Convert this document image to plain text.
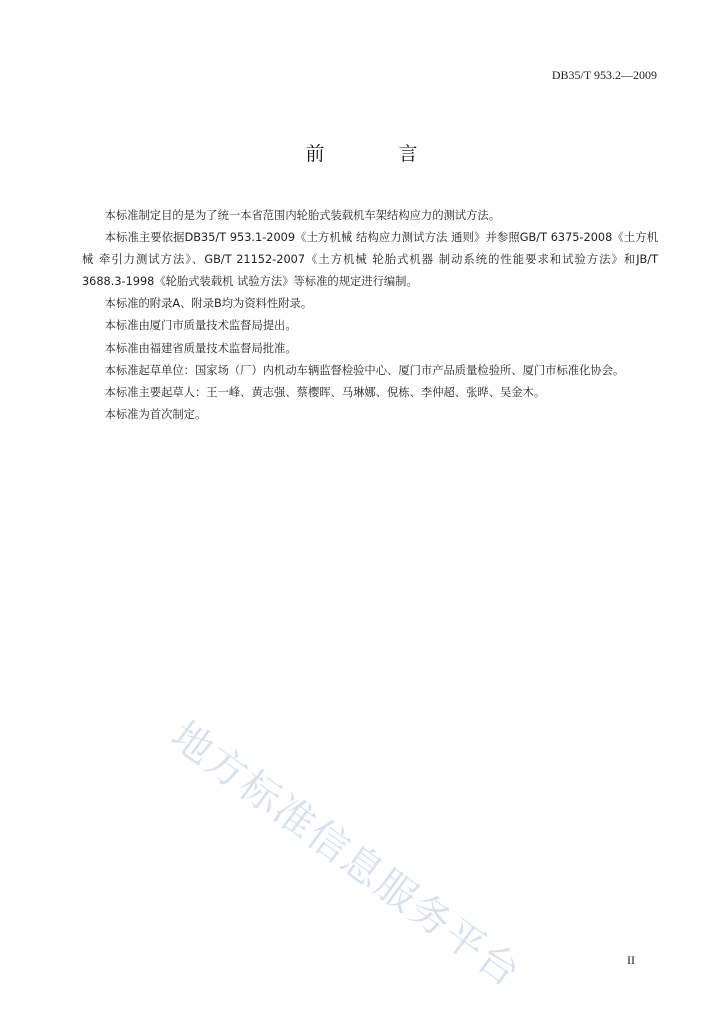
DB35/T 953.2—2009
前 言

本标准制定目的是为了统一本省范围内轮胎式装载机车架结构应力的测试方法。

本标准主要依据DB35/T 953.1-2009《土方机械 结构应力测试方法 通则》并参照GB/T 6375-2008《土方机械 牵引力测试方法》、GB/T 21152-2007《土方机械 轮胎式机器 制动系统的性能要求和试验方法》和JB/T 3688.3-1998《轮胎式装载机 试验方法》等标准的规定进行编制。

本标准的附录A、附录B均为资料性附录。

本标准由厦门市质量技术监督局提出。

本标准由福建省质量技术监督局批准。

本标准起草单位：国家场（厂）内机动车辆监督检验中心、厦门市产品质量检验所、厦门市标准化协会。

本标准主要起草人：王一峰、黄志强、蔡樱晖、马琳娜、倪栋、李仲超、张晔、吴金木。

本标准为首次制定。

地方标准信息服务平台	II
